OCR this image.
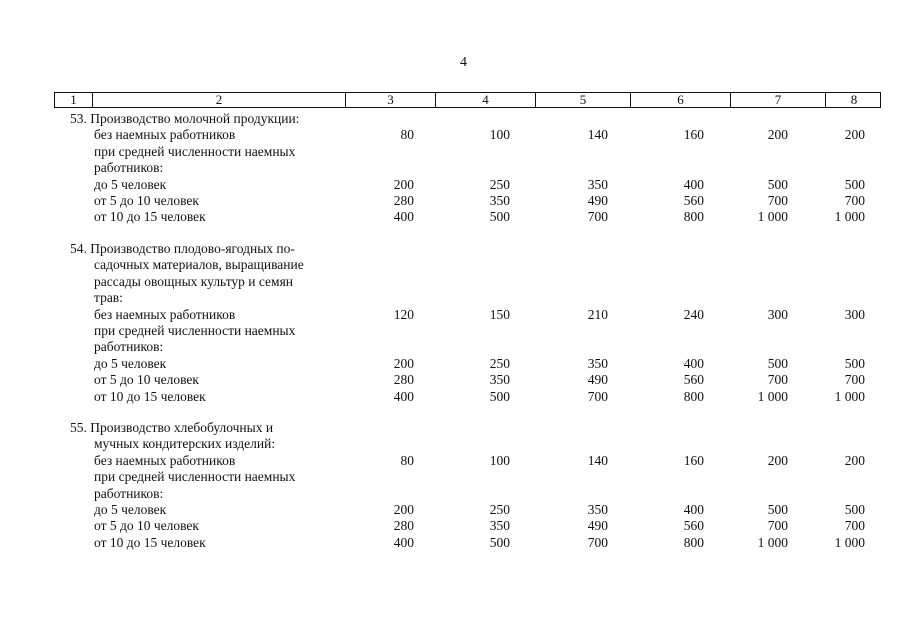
4
1	2	3	4	5	6	7	8
53. Производство молочной продукции:
без наемных работников	80	100	140	160	200	200
при средней численности наемных
работников:
до 5 человек	200	250	350	400	500	500
от 5 до 10 человек	280	350	490	560	700	700
от 10 до 15 человек	400	500	700	800	1 000	1 000
54. Производство плодово-ягодных по-
садочных материалов, выращивание
рассады овощных культур и семян
трав:
без наемных работников	120	150	210	240	300	300
при средней численности наемных
работников:
до 5 человек	200	250	350	400	500	500
от 5 до 10 человек	280	350	490	560	700	700
от 10 до 15 человек	400	500	700	800	1 000	1 000
55. Производство хлебобулочных и
мучных кондитерских изделий:
без наемных работников	80	100	140	160	200	200
при средней численности наемных
работников:
до 5 человек	200	250	350	400	500	500
от 5 до 10 человек	280	350	490	560	700	700
от 10 до 15 человек	400	500	700	800	1 000	1 000
